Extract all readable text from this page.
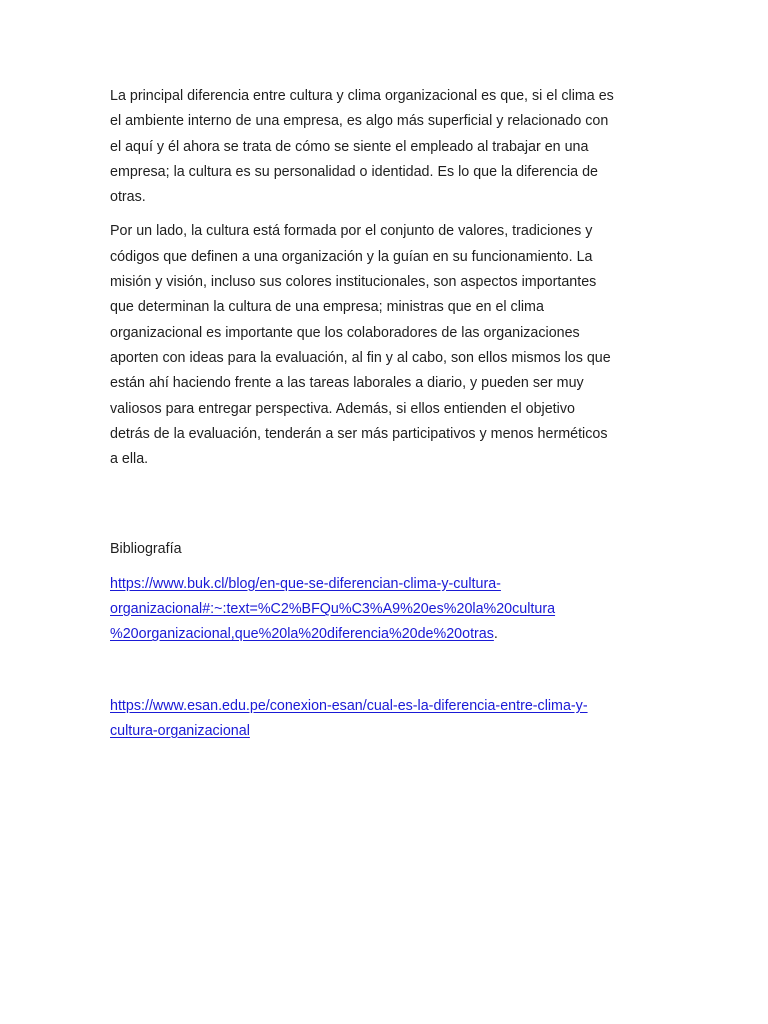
La principal diferencia entre cultura y clima organizacional es que, si el clima es
el ambiente interno de una empresa, es algo más superficial y relacionado con
el aquí y él ahora se trata de cómo se siente el empleado al trabajar en una
empresa; la cultura es su personalidad o identidad. Es lo que la diferencia de
otras.

Por un lado, la cultura está formada por el conjunto de valores, tradiciones y
códigos que definen a una organización y la guían en su funcionamiento. La
misión y visión, incluso sus colores institucionales, son aspectos importantes
que determinan la cultura de una empresa; ministras que en el clima
organizacional es importante que los colaboradores de las organizaciones
aporten con ideas para la evaluación, al fin y al cabo, son ellos mismos los que
están ahí haciendo frente a las tareas laborales a diario, y pueden ser muy
valiosos para entregar perspectiva. Además, si ellos entienden el objetivo
detrás de la evaluación, tenderán a ser más participativos y menos herméticos
a ella.

Bibliografía

https://www.buk.cl/blog/en-que-se-diferencian-clima-y-cultura-
organizacional#:~:text=%C2%BFQu%C3%A9%20es%20la%20cultura
%20organizacional,que%20la%20diferencia%20de%20otras.

https://www.esan.edu.pe/conexion-esan/cual-es-la-diferencia-entre-clima-y-
cultura-organizacional
